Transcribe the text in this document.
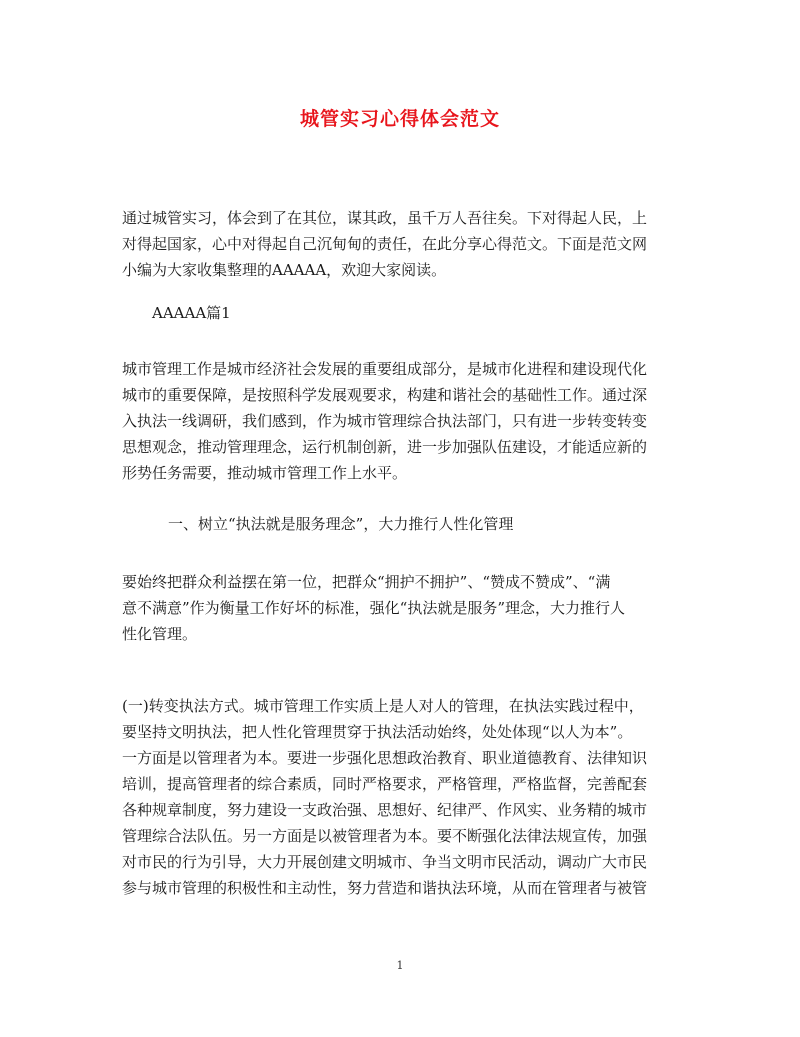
城管实习心得体会范文

通过城管实习，体会到了在其位，谋其政，虽千万人吾往矣。下对得起人民，上
对得起国家，心中对得起自己沉甸甸的责任，在此分享心得范文。下面是范文网
小编为大家收集整理的AAAAA，欢迎大家阅读。

AAAAA篇1

城市管理工作是城市经济社会发展的重要组成部分，是城市化进程和建设现代化
城市的重要保障，是按照科学发展观要求，构建和谐社会的基础性工作。通过深
入执法一线调研，我们感到，作为城市管理综合执法部门，只有进一步转变转变
思想观念，推动管理理念，运行机制创新，进一步加强队伍建设，才能适应新的
形势任务需要，推动城市管理工作上水平。

一、树立“执法就是服务理念”，大力推行人性化管理

要始终把群众利益摆在第一位，把群众“拥护不拥护”、“赞成不赞成”、“满
意不满意”作为衡量工作好坏的标准，强化“执法就是服务”理念，大力推行人
性化管理。

(一)转变执法方式。城市管理工作实质上是人对人的管理，在执法实践过程中，
要坚持文明执法，把人性化管理贯穿于执法活动始终，处处体现“以人为本”。
一方面是以管理者为本。要进一步强化思想政治教育、职业道德教育、法律知识
培训，提高管理者的综合素质，同时严格要求，严格管理，严格监督，完善配套
各种规章制度，努力建设一支政治强、思想好、纪律严、作风实、业务精的城市
管理综合法队伍。另一方面是以被管理者为本。要不断强化法律法规宣传，加强
对市民的行为引导，大力开展创建文明城市、争当文明市民活动，调动广大市民
参与城市管理的积极性和主动性，努力营造和谐执法环境，从而在管理者与被管

1
